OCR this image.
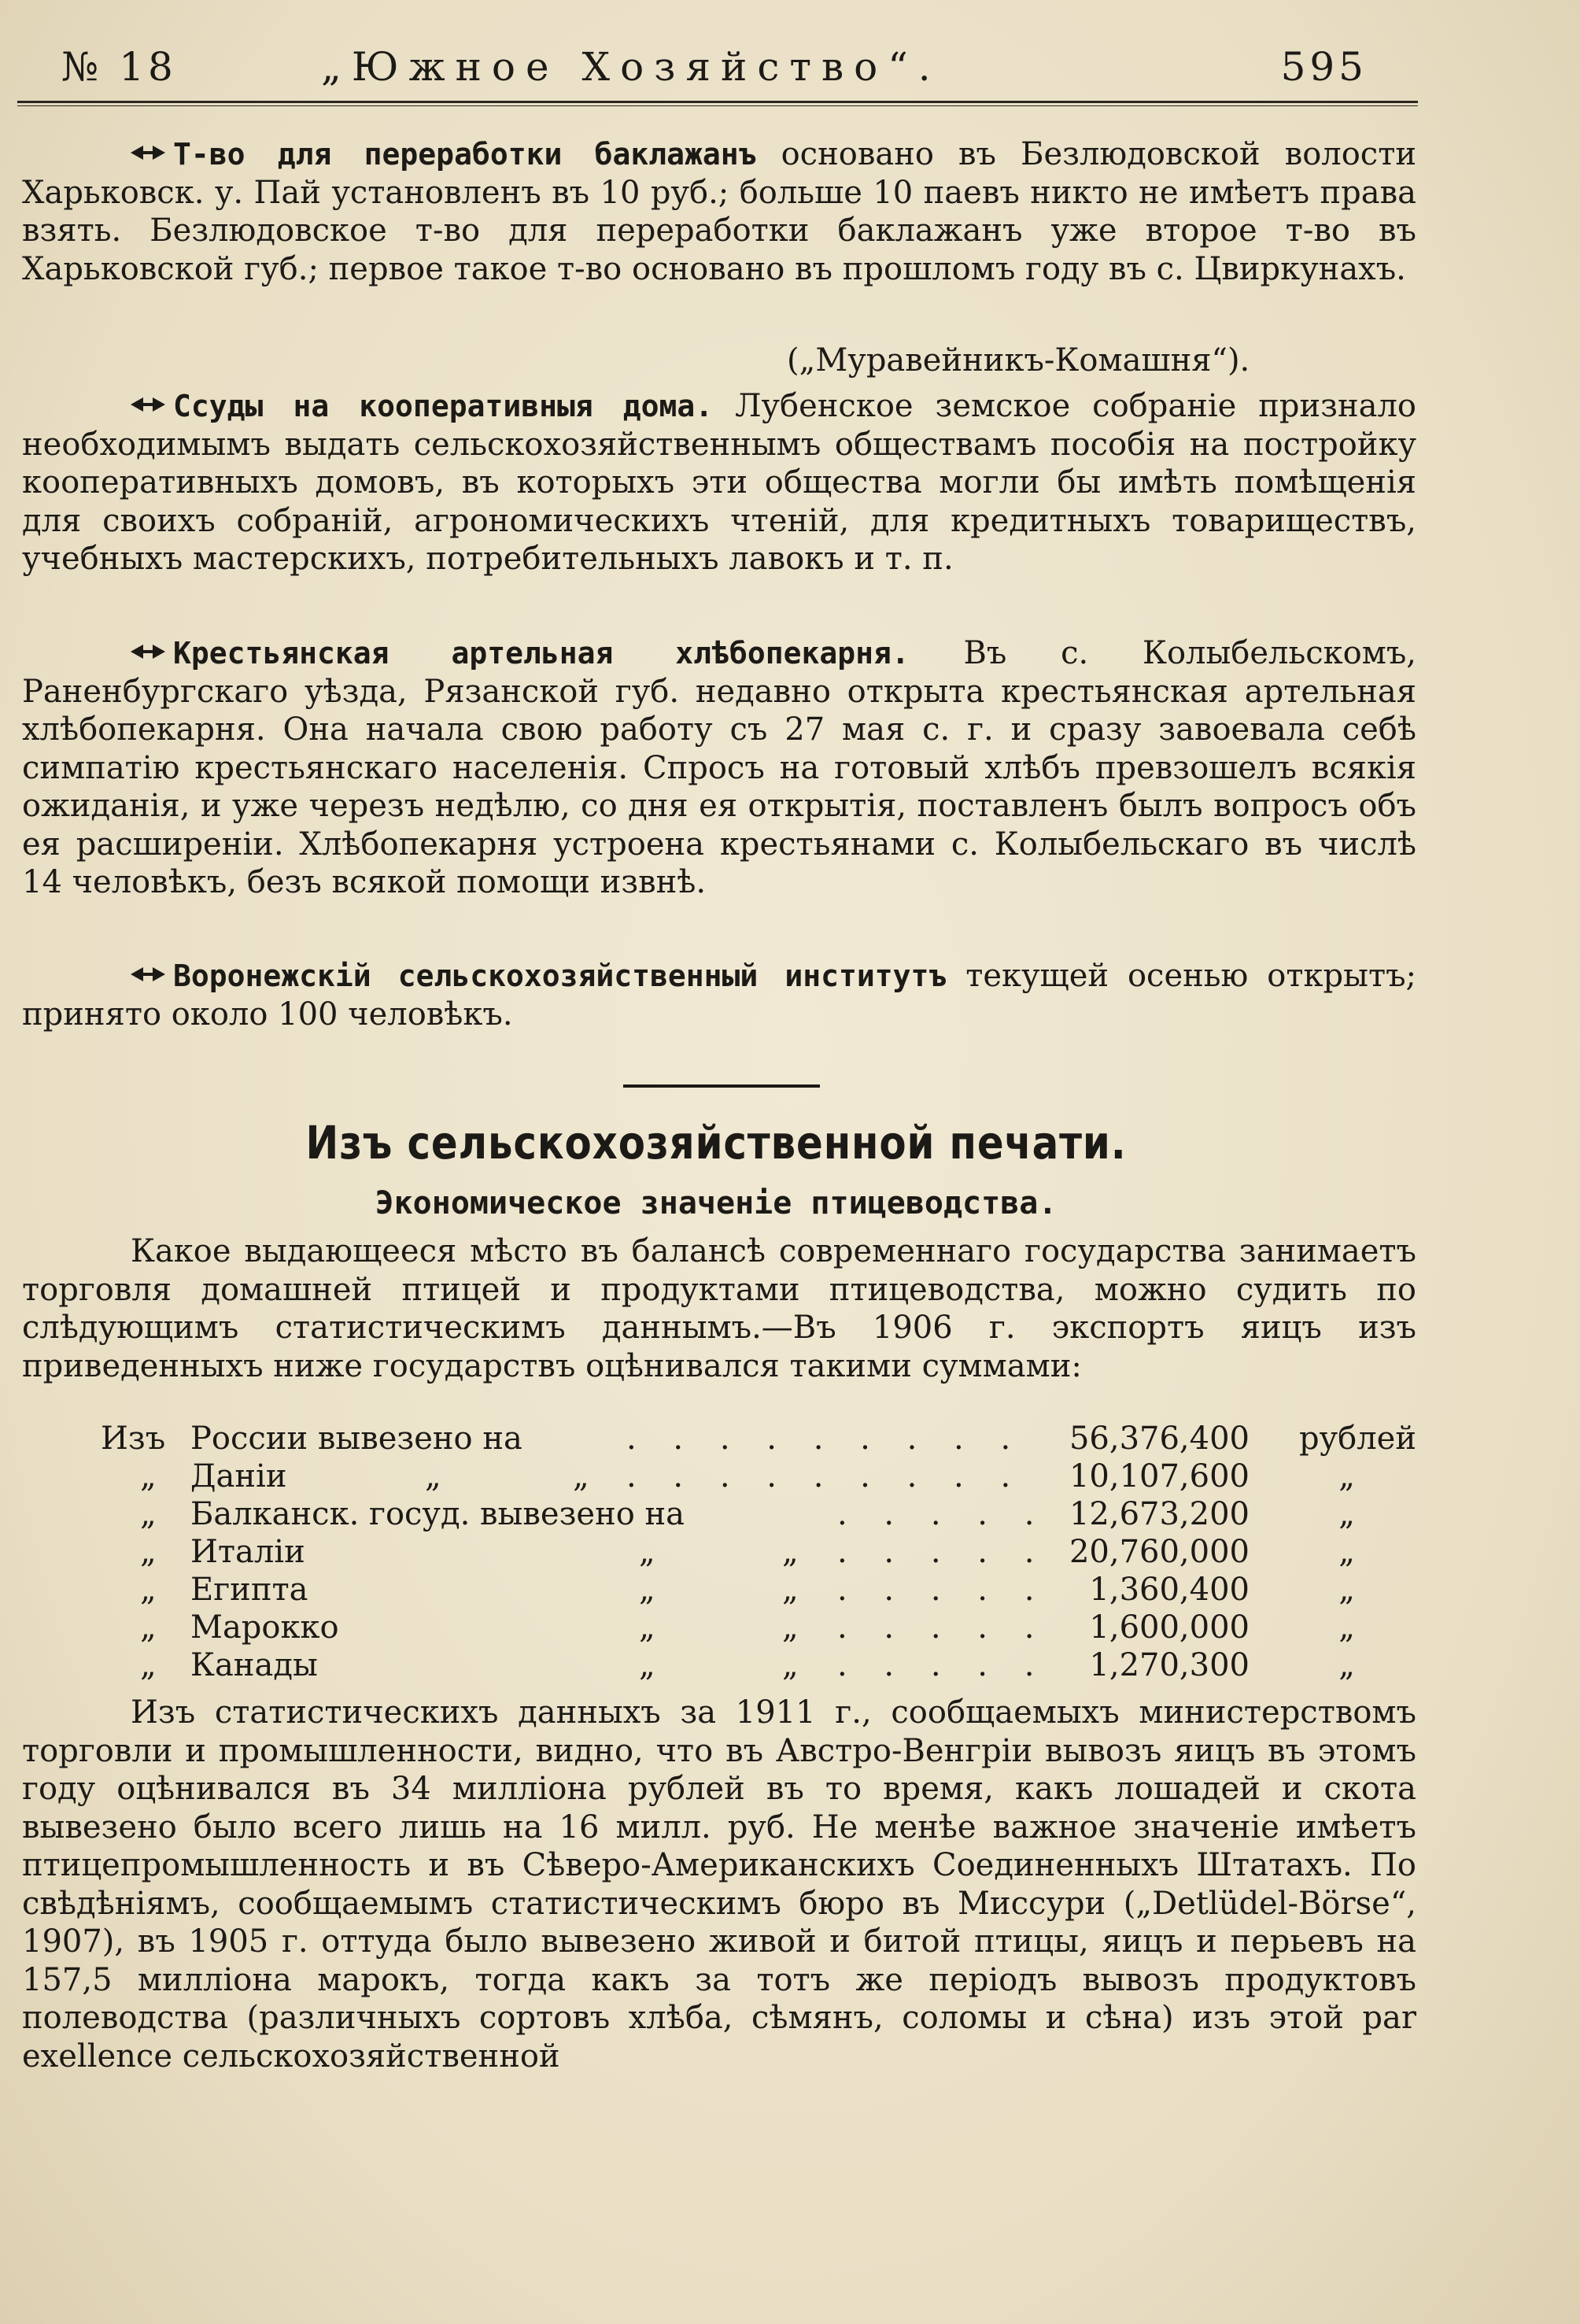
№ 18	„Южное Хозяйство“.	595

Т-во для переработки баклажанъ основано въ Безлюдовской волости Харьковск. у. Пай установленъ въ 10 руб.; больше 10 паевъ никто не имѣетъ права взять. Безлюдовское т-во для переработки баклажанъ уже второе т-во въ Харьковской губ.; первое такое т-во основано въ прошломъ году въ с. Цвиркунахъ.

(„Муравейникъ-Комашня“).

Ссуды на кооперативныя дома. Лубенское земское собраніе признало необходимымъ выдать сельскохозяйственнымъ обществамъ пособія на постройку кооперативныхъ домовъ, въ которыхъ эти общества могли бы имѣть помѣщенія для своихъ собраній, агрономическихъ чтеній, для кредитныхъ товариществъ, учебныхъ мастерскихъ, потребительныхъ лавокъ и т. п.

Крестьянская артельная хлѣбопекарня. Въ с. Колыбельскомъ, Раненбургскаго уѣзда, Рязанской губ. недавно открыта крестьянская артельная хлѣбопекарня. Она начала свою работу съ 27 мая с. г. и сразу завоевала себѣ симпатію крестьянскаго населенія. Спросъ на готовый хлѣбъ превзошелъ всякія ожиданія, и уже черезъ недѣлю, со дня ея открытія, поставленъ былъ вопросъ объ ея расширеніи. Хлѣбопекарня устроена крестьянами с. Колыбельскаго въ числѣ 14 человѣкъ, безъ всякой помощи извнѣ.

Воронежскій сельскохозяйственный институтъ текущей осенью открытъ; принято около 100 человѣкъ.

Изъ сельскохозяйственной печати.
Экономическое значеніе птицеводства.

Какое выдающееся мѣсто въ балансѣ современнаго государства занимаетъ торговля домашней птицей и продуктами птицеводства, можно судить по слѣдующимъ статистическимъ даннымъ.—Въ 1906 г. экспортъ яицъ изъ приведенныхъ ниже государствъ оцѣнивался такими суммами:

Изъ России вывезено на	. . . . . . . . . 56,376,400 рублей
„ Даніи	„	„ . . . . . . . . . 10,107,600	„
„ Балканск. госуд. вывезено на	. . . . . 12,673,200	„
„ Италіи	„	„ . . . . . 20,760,000	„
„ Египта	„	„ . . . . . 1,360,400	„
„ Марокко	„	„ . . . . . 1,600,000	„
„ Канады	„	„ . . . . . 1,270,300	„

Изъ статистическихъ данныхъ за 1911 г., сообщаемыхъ министерствомъ торговли и промышленности, видно, что въ Австро-Венгріи вывозъ яицъ въ этомъ году оцѣнивался въ 34 милліона рублей въ то время, какъ лошадей и скота вывезено было всего лишь на 16 милл. руб. Не менѣе важное значеніе имѣетъ птицепромышленность и въ Сѣверо-Американскихъ Соединенныхъ Штатахъ. По свѣдѣніямъ, сообщаемымъ статистическимъ бюро въ Миссури („Detlüdel-Börse“, 1907), въ 1905 г. оттуда было вывезено живой и битой птицы, яицъ и перьевъ на 157,5 милліона марокъ, тогда какъ за тотъ же періодъ вывозъ продуктовъ полеводства (различныхъ сортовъ хлѣба, сѣмянъ, соломы и сѣна) изъ этой par exellence сельскохозяйственной
